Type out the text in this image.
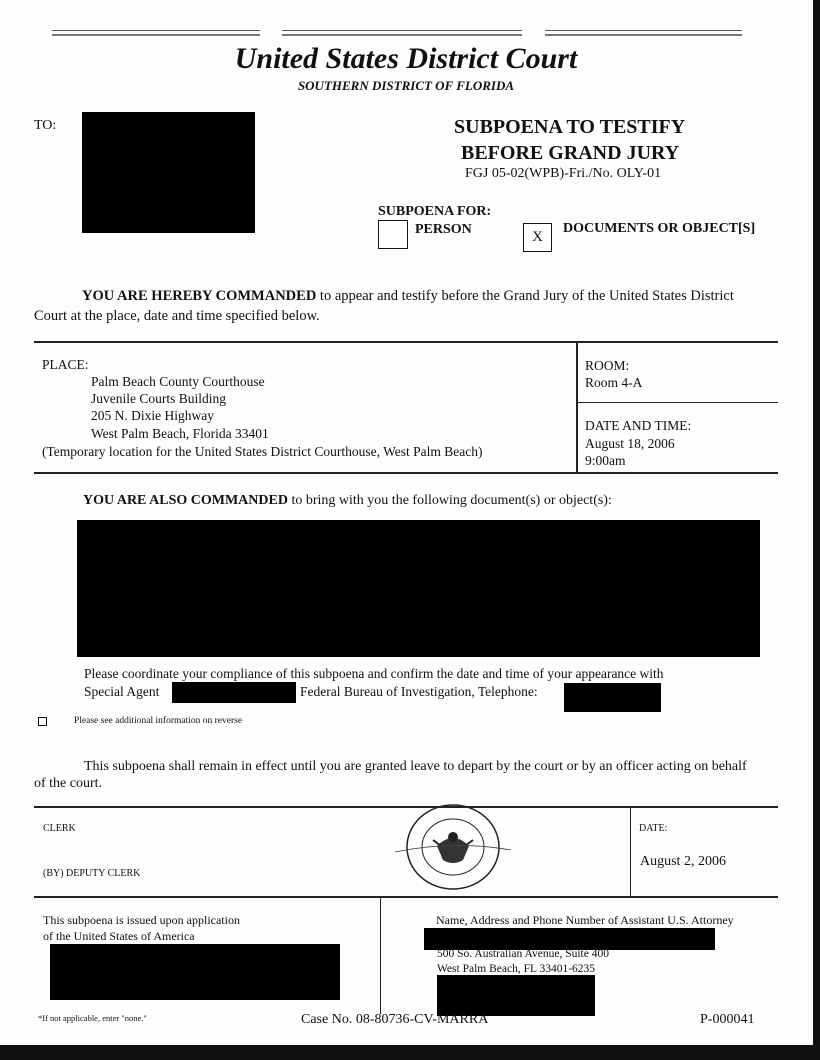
United States District Court
SOUTHERN DISTRICT OF FLORIDA
TO:	SUBPOENA TO TESTIFY
BEFORE GRAND JURY
FGJ 05-02(WPB)-Fri./No. OLY-01
SUBPOENA FOR:
PERSON	X
DOCUMENTS OR OBJECT[S]
YOU ARE HEREBY COMMANDED to appear and testify before the Grand Jury of the United States District
Court at the place, date and time specified below.
PLACE:
Palm Beach County Courthouse
Juvenile Courts Building
205 N. Dixie Highway
West Palm Beach, Florida 33401
(Temporary location for the United States District Courthouse, West Palm Beach)
ROOM:
Room 4-A
DATE AND TIME:
August 18, 2006
9:00am
YOU ARE ALSO COMMANDED to bring with you the following document(s) or object(s):
Please coordinate your compliance of this subpoena and confirm the date and time of your appearance with
Special Agent	Federal Bureau of Investigation, Telephone:
Please see additional information on reverse
This subpoena shall remain in effect until you are granted leave to depart by the court or by an officer acting on behalf
of the court.
CLERK
(BY) DEPUTY CLERK
DATE:
August 2, 2006
This subpoena is issued upon application
of the United States of America
Name, Address and Phone Number of Assistant U.S. Attorney
500 So. Australian Avenue, Suite 400
West Palm Beach, FL 33401-6235
*If not applicable, enter "none."	Case No. 08-80736-CV-MARRA	P-000041
